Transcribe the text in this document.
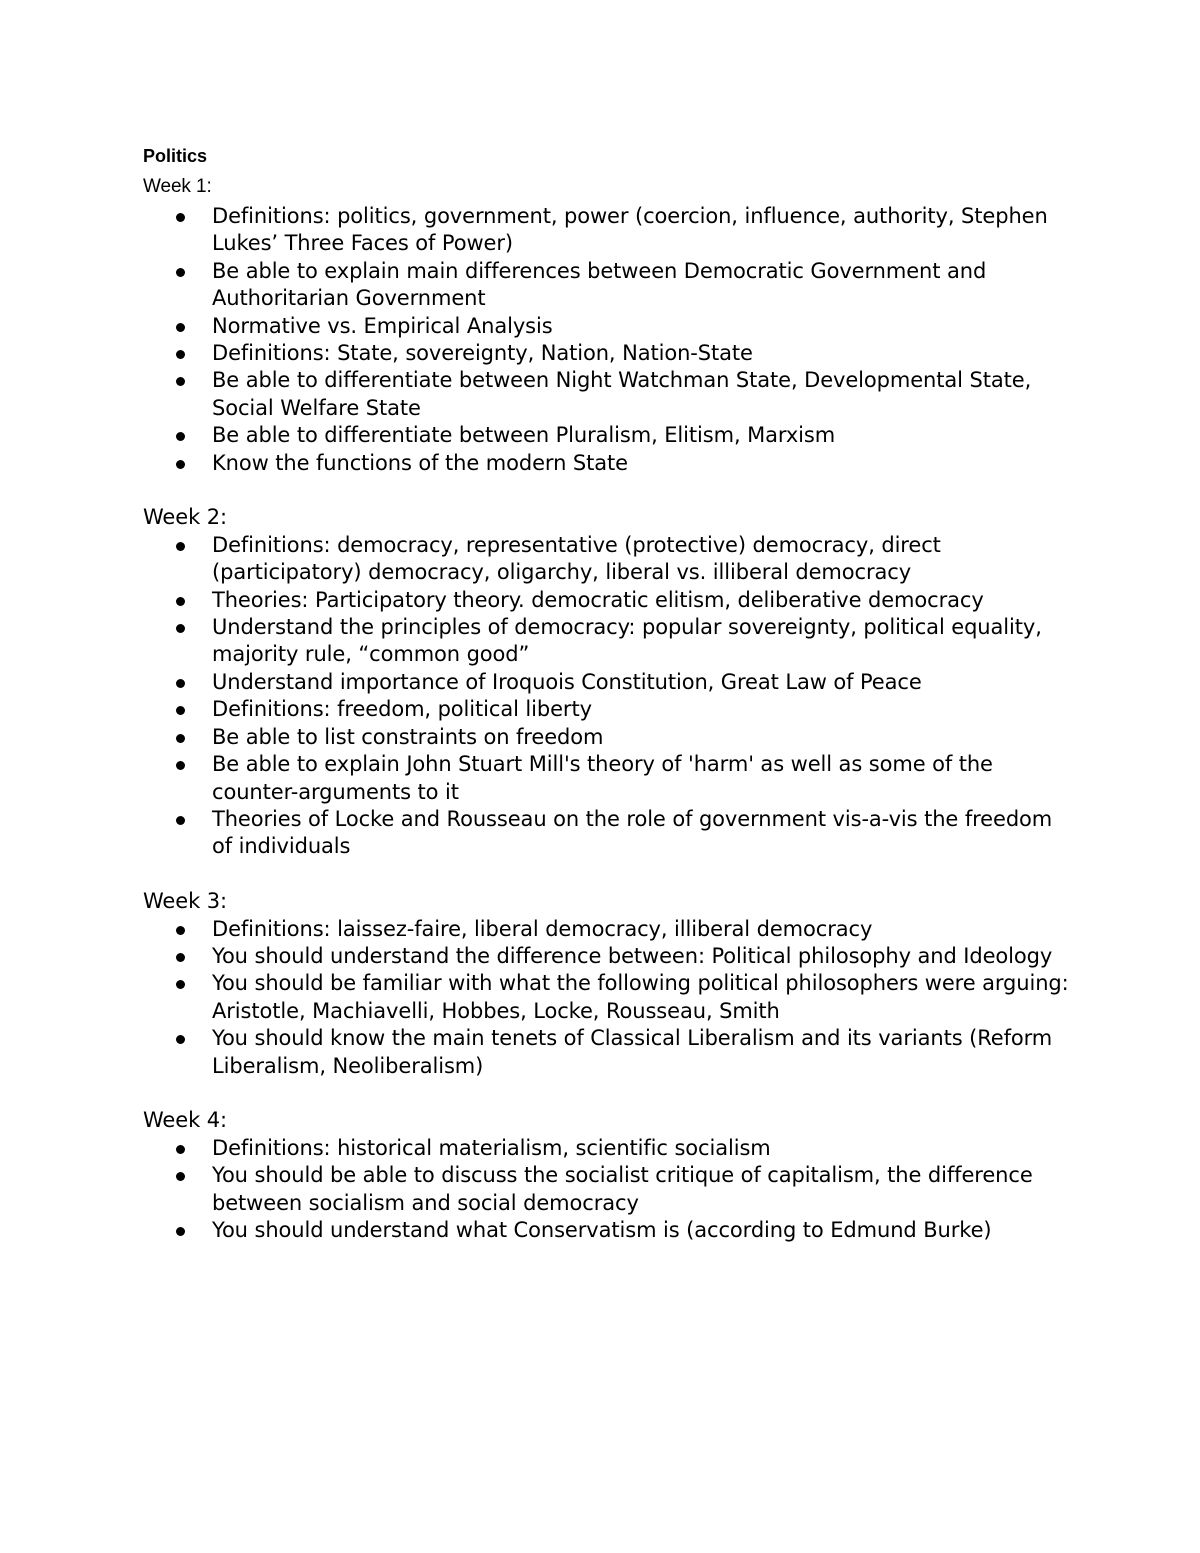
Politics
Week 1:
Definitions: politics, government, power (coercion, influence, authority, Stephen Lukes’ Three Faces of Power)
Be able to explain main differences between Democratic Government and Authoritarian Government
Normative vs. Empirical Analysis
Definitions: State, sovereignty, Nation, Nation-State
Be able to differentiate between Night Watchman State, Developmental State, Social Welfare State
Be able to differentiate between Pluralism, Elitism, Marxism
Know the functions of the modern State
Week 2:
Definitions: democracy, representative (protective) democracy, direct (participatory) democracy, oligarchy, liberal vs. illiberal democracy
Theories: Participatory theory. democratic elitism, deliberative democracy
Understand the principles of democracy: popular sovereignty, political equality, majority rule, “common good”
Understand importance of Iroquois Constitution, Great Law of Peace
Definitions: freedom, political liberty
Be able to list constraints on freedom
Be able to explain John Stuart Mill's theory of 'harm' as well as some of the counter-arguments to it
Theories of Locke and Rousseau on the role of government vis-a-vis the freedom of individuals
Week 3:
Definitions: laissez-faire, liberal democracy, illiberal democracy
You should understand the difference between: Political philosophy and Ideology
You should be familiar with what the following political philosophers were arguing: Aristotle, Machiavelli, Hobbes, Locke, Rousseau, Smith
You should know the main tenets of Classical Liberalism and its variants (Reform Liberalism, Neoliberalism)
Week 4:
Definitions: historical materialism, scientific socialism
You should be able to discuss the socialist critique of capitalism, the difference between socialism and social democracy
You should understand what Conservatism is (according to Edmund Burke)
